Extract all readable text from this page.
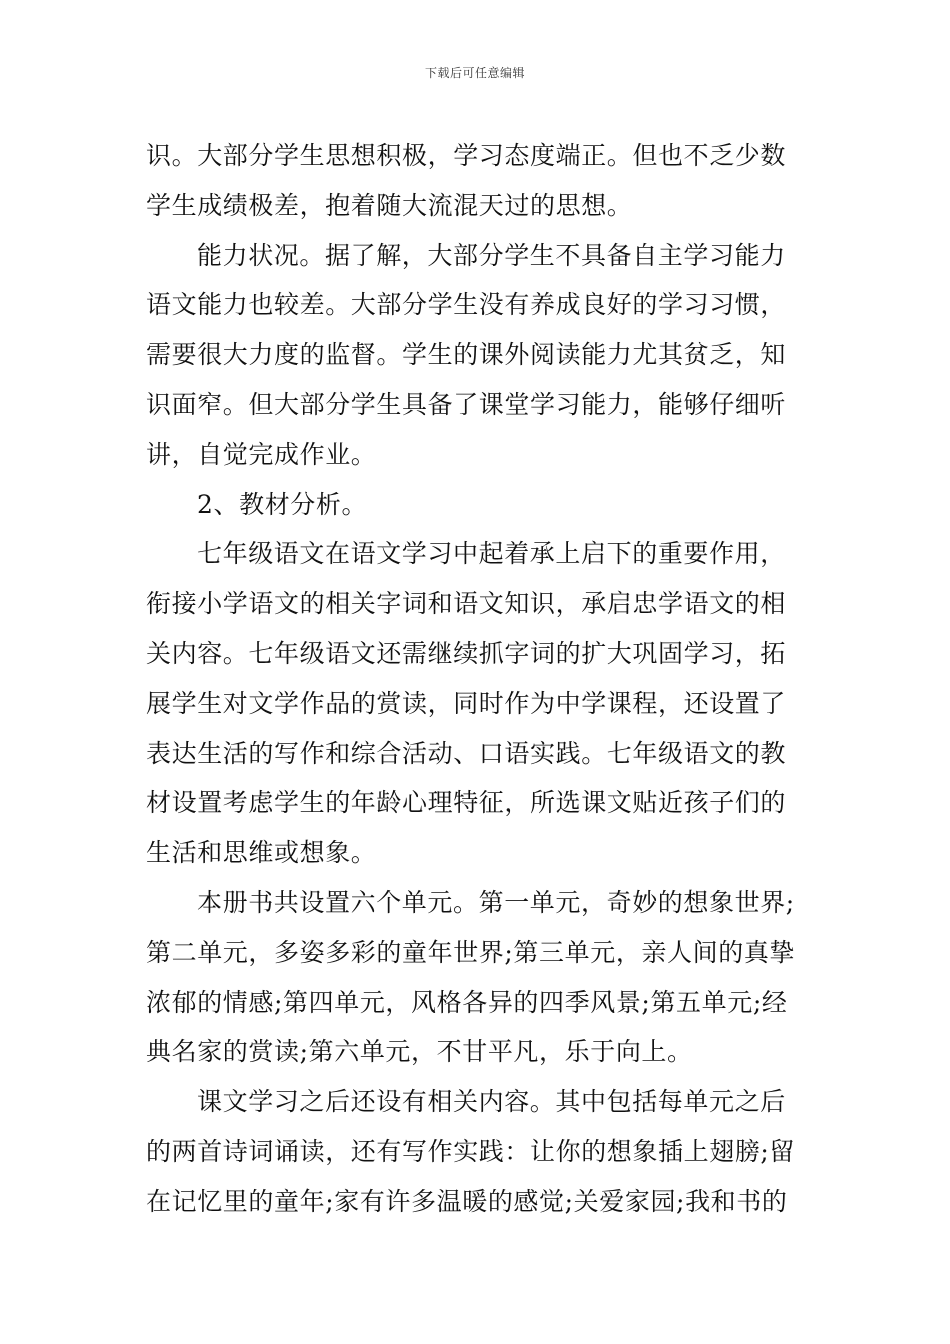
下载后可任意编辑
识。大部分学生思想积极，学习态度端正。但也不乏少数
学生成绩极差，抱着随大流混天过的思想。
能力状况。据了解，大部分学生不具备自主学习能力
语文能力也较差。大部分学生没有养成良好的学习习惯，
需要很大力度的监督。学生的课外阅读能力尤其贫乏，知
识面窄。但大部分学生具备了课堂学习能力，能够仔细听
讲，自觉完成作业。
2、教材分析。
七年级语文在语文学习中起着承上启下的重要作用，
衔接小学语文的相关字词和语文知识，承启忠学语文的相
关内容。七年级语文还需继续抓字词的扩大巩固学习，拓
展学生对文学作品的赏读，同时作为中学课程，还设置了
表达生活的写作和综合活动、口语实践。七年级语文的教
材设置考虑学生的年龄心理特征，所选课文贴近孩子们的
生活和思维或想象。
本册书共设置六个单元。第一单元，奇妙的想象世界;
第二单元，多姿多彩的童年世界;第三单元，亲人间的真挚
浓郁的情感;第四单元，风格各异的四季风景;第五单元;经
典名家的赏读;第六单元，不甘平凡，乐于向上。
课文学习之后还设有相关内容。其中包括每单元之后
的两首诗词诵读，还有写作实践：让你的想象插上翅膀;留
在记忆里的童年;家有许多温暖的感觉;关爱家园;我和书的
